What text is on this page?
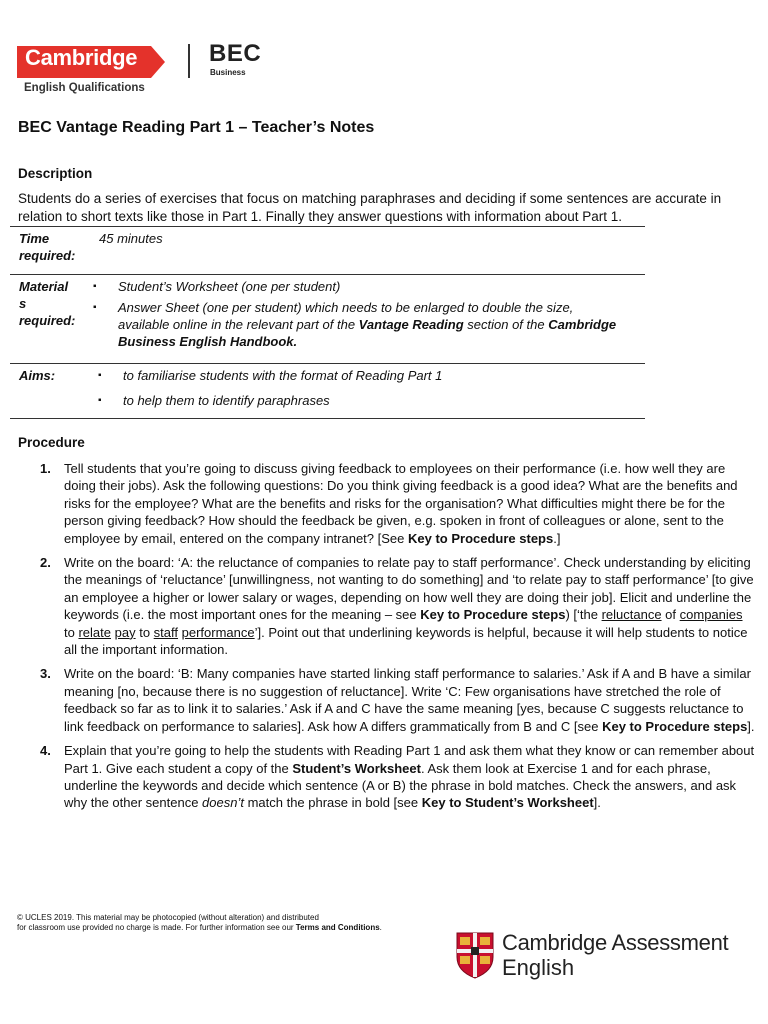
Cambridge
English Qualifications
BEC
Business
BEC Vantage Reading Part 1 – Teacher’s Notes
Description
Students do a series of exercises that focus on matching paraphrases and deciding if some sentences are accurate in relation to short texts like those in Part 1. Finally they answer questions with information about Part 1.
Time required:
45 minutes
Material
s
required:
▪ Student’s Worksheet (one per student)
▪ Answer Sheet (one per student) which needs to be enlarged to double the size, available online in the relevant part of the Vantage Reading section of the Cambridge Business English Handbook.
Aims:	▪ to familiarise students with the format of Reading Part 1
▪ to help them to identify paraphrases
Procedure
1. Tell students that you’re going to discuss giving feedback to employees on their performance (i.e. how well they are doing their jobs). Ask the following questions: Do you think giving feedback is a good idea? What are the benefits and risks for the employee? What are the benefits and risks for the organisation? What difficulties might there be for the person giving feedback? How should the feedback be given, e.g. spoken in front of colleagues or alone, sent to the employee by email, entered on the company intranet? [See Key to Procedure steps.]
2. Write on the board: ‘A: the reluctance of companies to relate pay to staff performance’. Check understanding by eliciting the meanings of ‘reluctance’ [unwillingness, not wanting to do something] and ‘to relate pay to staff performance’ [to give an employee a higher or lower salary or wages, depending on how well they are doing their job]. Elicit and underline the keywords (i.e. the most important ones for the meaning – see Key to Procedure steps) [‘the reluctance of companies to relate pay to staff performance’]. Point out that underlining keywords is helpful, because it will help students to notice all the important information.
3. Write on the board: ‘B: Many companies have started linking staff performance to salaries.’ Ask if A and B have a similar meaning [no, because there is no suggestion of reluctance]. Write ‘C: Few organisations have stretched the role of feedback so far as to link it to salaries.’ Ask if A and C have the same meaning [yes, because C suggests reluctance to link feedback on performance to salaries]. Ask how A differs grammatically from B and C [see Key to Procedure steps].
4. Explain that you’re going to help the students with Reading Part 1 and ask them what they know or can remember about Part 1. Give each student a copy of the Student’s Worksheet. Ask them look at Exercise 1 and for each phrase, underline the keywords and decide which sentence (A or B) the phrase in bold matches. Check the answers, and ask why the other sentence doesn’t match the phrase in bold [see Key to Student’s Worksheet].
© UCLES 2019. This material may be photocopied (without alteration) and distributed
for classroom use provided no charge is made. For further information see our Terms and Conditions.
Cambridge Assessment
English
